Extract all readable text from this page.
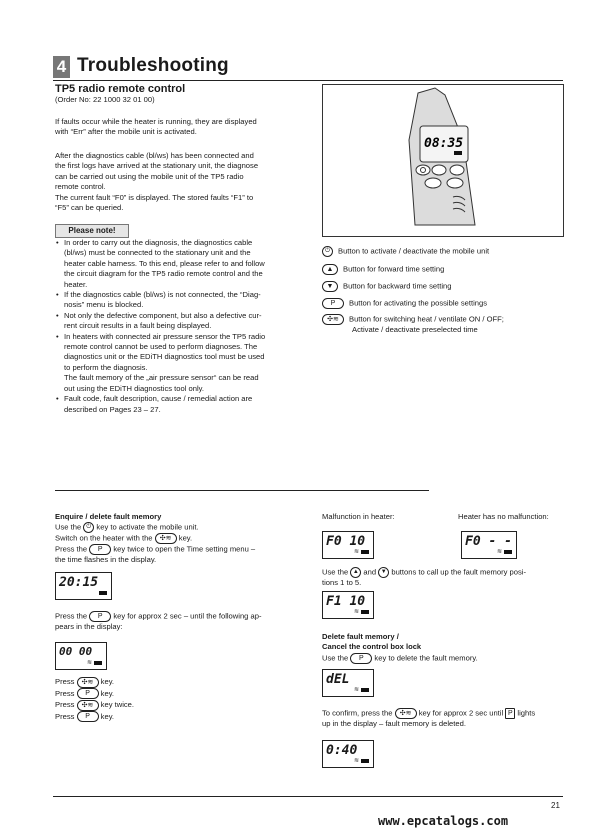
4 Troubleshooting
TP5 radio remote control
(Order No: 22 1000 32 01 00)
If faults occur while the heater is running, they are displayed
with “Err” after the mobile unit is activated.
After the diagnostics cable (bl/ws) has been connected and
the first logs have arrived at the stationary unit, the diagnose
can be carried out using the mobile unit of the TP5 radio
remote control.
The current fault “F0” is displayed. The stored faults “F1” to
“F5” can be queried.
Please note!
• In order to carry out the diagnosis, the diagnostics cable
(bl/ws) must be connected to the stationary unit and the
heater cable harness. To this end, please refer to and follow
the circuit diagram for the TP5 radio remote control and the
heater.
• If the diagnostics cable (bl/ws) is not connected, the “Diag-
nosis” menu is blocked.
• Not only the defective component, but also a defective cur-
rent circuit results in a fault being displayed.
• In heaters with connected air pressure sensor the TP5 radio
remote control cannot be used to perform diagnoses. The
diagnostics unit or the EDiTH diagnostics tool must be used
to perform the diagnosis.
The fault memory of the „air pressure sensor“ can be read
out using the EDiTH diagnostics tool only.
• Fault code, fault description, cause / remedial action are
described on Pages 23 – 27.
08:35
⏻ Button to activate / deactivate the mobile unit
▲ Button for forward time setting
▼ Button for backward time setting
P Button for activating the possible settings
✣≋ Button for switching heat / ventilate ON / OFF;
Activate / deactivate preselected time
Enquire / delete fault memory
Use the ⏻ key to activate the mobile unit.
Switch on the heater with the ✣≋ key.
Press the P key twice to open the Time setting menu –
the time flashes in the display.
20:15
Press the P key for approx 2 sec – until the following ap-
pears in the display:
00 00
≋
Press ✣≋ key.
Press P key.
Press ✣≋ key twice.
Press P key.
Malfunction in heater:	Heater has no malfunction:
F0 10
≋
F0 - -
≋
Use the ▲ and ▼ buttons to call up the fault memory posi-
tions 1 to 5.
F1 10
≋
Delete fault memory /
Cancel the control box lock
Use the P key to delete the fault memory.
dEL
≋
To confirm, press the ✣≋ key for approx 2 sec until P lights
up in the display – fault memory is deleted.
0:40
≋
21
www.epcatalogs.com
